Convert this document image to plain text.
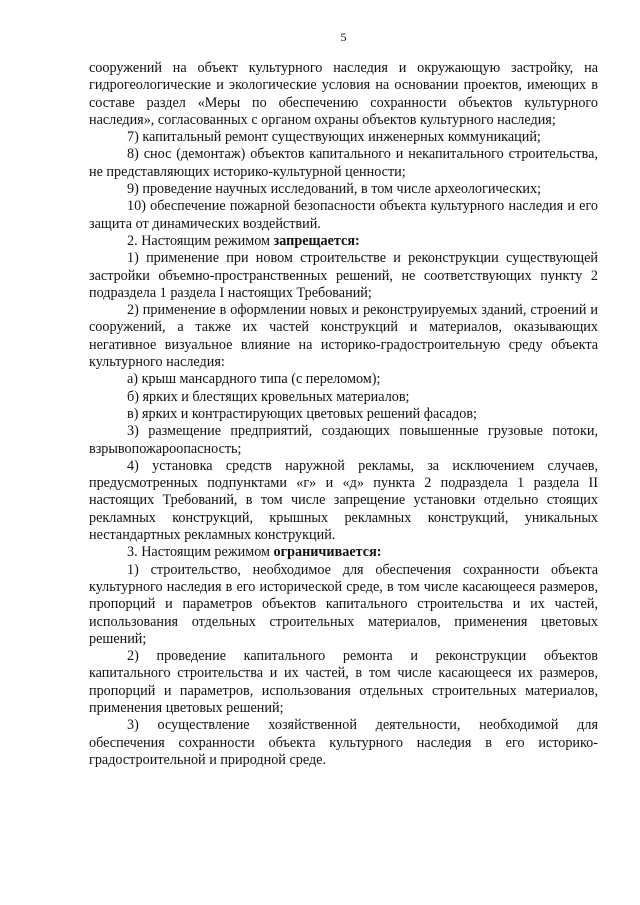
5

сооружений на объект культурного наследия и окружающую застройку, на гидрогеологические и экологические условия на основании проектов, имеющих в составе раздел «Меры по обеспечению сохранности объектов культурного наследия», согласованных с органом охраны объектов культурного наследия;

7) капитальный ремонт существующих инженерных коммуникаций;

8) снос (демонтаж) объектов капитального и некапитального строительства, не представляющих историко-культурной ценности;

9) проведение научных исследований, в том числе археологических;

10) обеспечение пожарной безопасности объекта культурного наследия и его защита от динамических воздействий.

2. Настоящим режимом запрещается:

1) применение при новом строительстве и реконструкции существующей застройки объемно-пространственных решений, не соответствующих пункту 2 подраздела 1 раздела I настоящих Требований;

2) применение в оформлении новых и реконструируемых зданий, строений и сооружений, а также их частей конструкций и материалов, оказывающих негативное визуальное влияние на историко-градостроительную среду объекта культурного наследия:

а) крыш мансардного типа (с переломом);

б) ярких и блестящих кровельных материалов;

в) ярких и контрастирующих цветовых решений фасадов;

3) размещение предприятий, создающих повышенные грузовые потоки, взрывопожароопасность;

4) установка средств наружной рекламы, за исключением случаев, предусмотренных подпунктами «г» и «д» пункта 2 подраздела 1 раздела II настоящих Требований, в том числе запрещение установки отдельно стоящих рекламных конструкций, крышных рекламных конструкций, уникальных нестандартных рекламных конструкций.

3. Настоящим режимом ограничивается:

1) строительство, необходимое для обеспечения сохранности объекта культурного наследия в его исторической среде, в том числе касающееся размеров, пропорций и параметров объектов капитального строительства и их частей, использования отдельных строительных материалов, применения цветовых решений;

2) проведение капитального ремонта и реконструкции объектов капитального строительства и их частей, в том числе касающееся их размеров, пропорций и параметров, использования отдельных строительных материалов, применения цветовых решений;

3) осуществление хозяйственной деятельности, необходимой для обеспечения сохранности объекта культурного наследия в его историко-градостроительной и природной среде.
